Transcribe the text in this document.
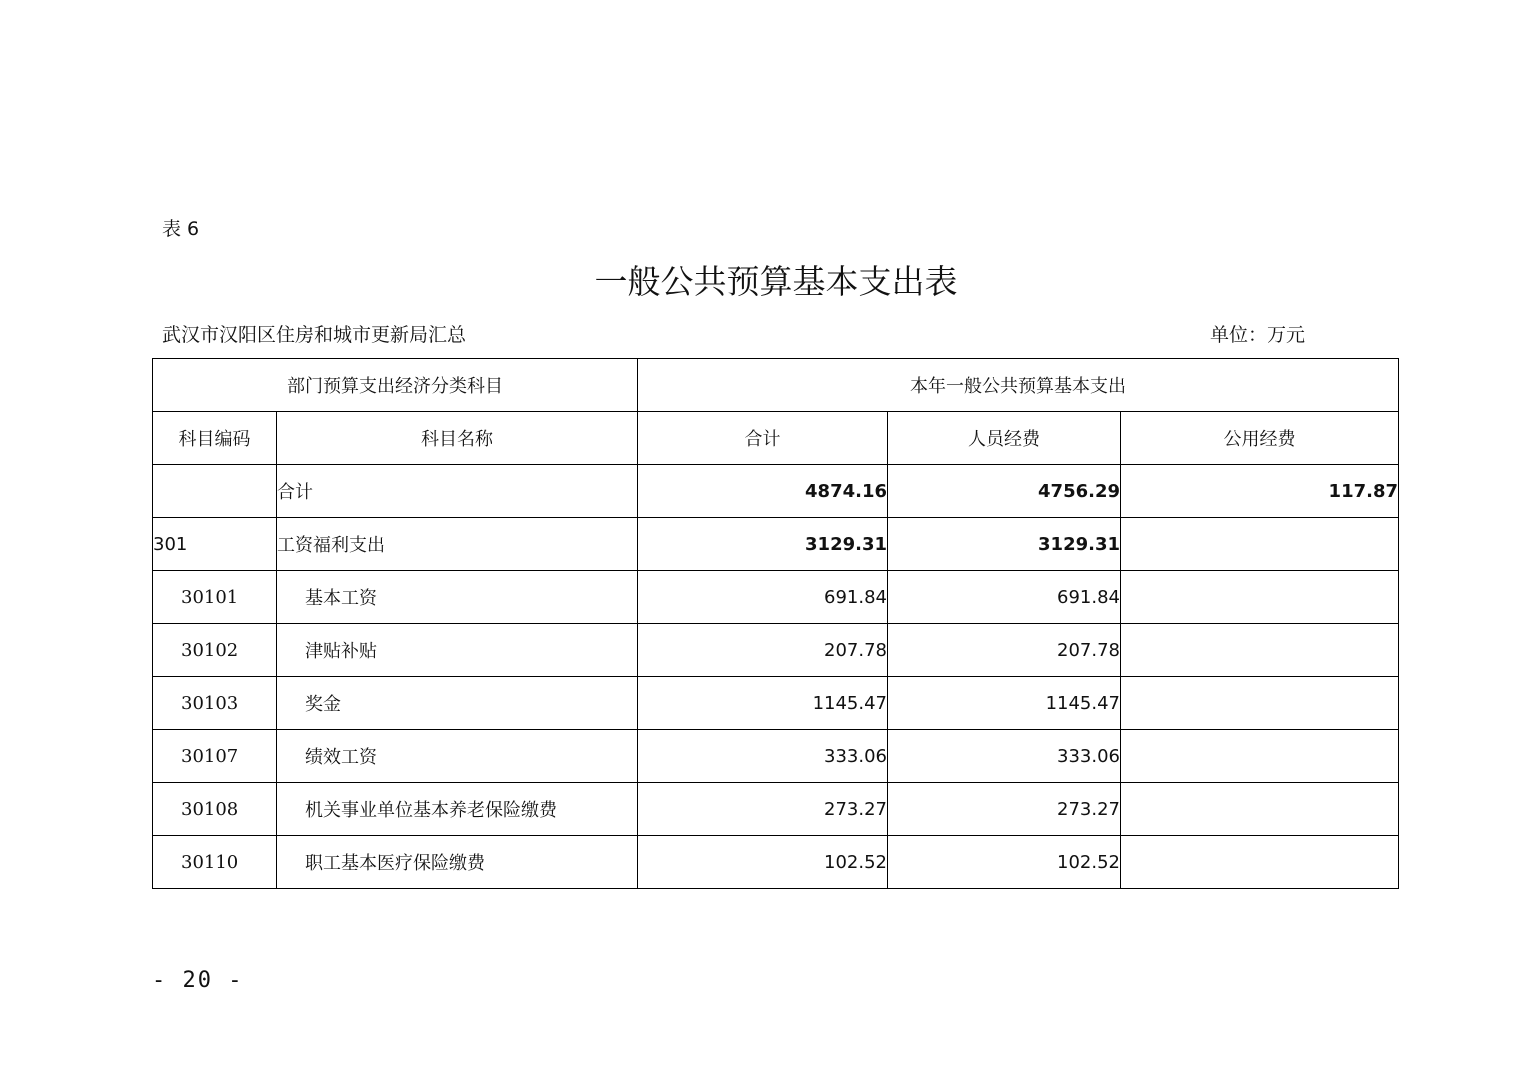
表 6
一般公共预算基本支出表
武汉市汉阳区住房和城市更新局汇总	单位：万元
部门预算支出经济分类科目		本年一般公共预算基本支出		
科目编码	科目名称	合计	人员经费	公用经费
	合计	4874.16	4756.29	117.87
301	工资福利支出	3129.31	3129.31	
30101	基本工资	691.84	691.84	
30102	津贴补贴	207.78	207.78	
30103	奖金	1145.47	1145.47	
30107	绩效工资	333.06	333.06	
30108	机关事业单位基本养老保险缴费	273.27	273.27	
30110	职工基本医疗保险缴费	102.52	102.52	
- 20 -
